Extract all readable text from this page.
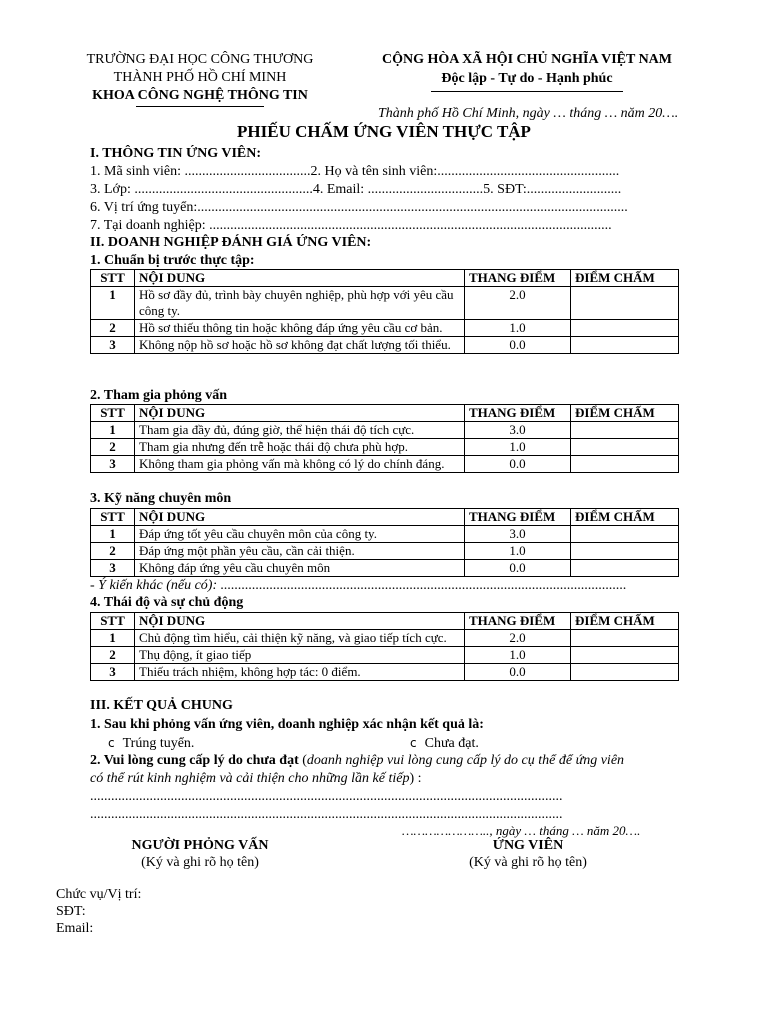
TRƯỜNG ĐẠI HỌC CÔNG THƯƠNG
THÀNH PHỐ HỒ CHÍ MINH
KHOA CÔNG NGHỆ THÔNG TIN
CỘNG HÒA XÃ HỘI CHỦ NGHĨA VIỆT NAM
Độc lập - Tự do - Hạnh phúc
Thành phố Hồ Chí Minh, ngày … tháng … năm 20….
PHIẾU CHẤM ỨNG VIÊN THỰC TẬP
I. THÔNG TIN ỨNG VIÊN:
1. Mã sinh viên: ....................................2. Họ và tên sinh viên:....................................................
3. Lớp: ...................................................4. Email: .................................5. SĐT:...........................
6. Vị trí ứng tuyển:...........................................................................................................................
7. Tại doanh nghiệp: ...................................................................................................................
II. DOANH NGHIỆP ĐÁNH GIÁ ỨNG VIÊN:
1. Chuẩn bị trước thực tập:
STT	NỘI DUNG	THANG ĐIỂM	ĐIỂM CHẤM
1	Hồ sơ đầy đủ, trình bày chuyên nghiệp, phù hợp với yêu cầu công ty.	2.0	
2	Hồ sơ thiếu thông tin hoặc không đáp ứng yêu cầu cơ bản.	1.0	
3	Không nộp hồ sơ hoặc hồ sơ không đạt chất lượng tối thiểu.	0.0	
2. Tham gia phỏng vấn
STT	NỘI DUNG	THANG ĐIỂM	ĐIỂM CHẤM
1	Tham gia đầy đủ, đúng giờ, thể hiện thái độ tích cực.	3.0	
2	Tham gia nhưng đến trễ hoặc thái độ chưa phù hợp.	1.0	
3	Không tham gia phỏng vấn mà không có lý do chính đáng.	0.0	
3. Kỹ năng chuyên môn
STT	NỘI DUNG	THANG ĐIỂM	ĐIỂM CHẤM
1	Đáp ứng tốt yêu cầu chuyên môn của công ty.	3.0	
2	Đáp ứng một phần yêu cầu, cần cải thiện.	1.0	
3	Không đáp ứng yêu cầu chuyên môn	0.0	
- Ý kiến khác (nếu có): ....................................................................................................................
4. Thái độ và sự chủ động
STT	NỘI DUNG	THANG ĐIỂM	ĐIỂM CHẤM
1	Chủ động tìm hiểu, cải thiện kỹ năng, và giao tiếp tích cực.	2.0	
2	Thụ động, ít giao tiếp	1.0	
3	Thiếu trách nhiệm, không hợp tác: 0 điểm.	0.0	
III. KẾT QUẢ CHUNG
1. Sau khi phỏng vấn ứng viên, doanh nghiệp xác nhận kết quả là:
c Trúng tuyển.	c Chưa đạt.
2. Vui lòng cung cấp lý do chưa đạt (doanh nghiệp vui lòng cung cấp lý do cụ thể để ứng viên
có thể rút kinh nghiệm và cải thiện cho những lần kế tiếp) :
.......................................................................................................................................
.......................................................................................................................................
………………….., ngày … tháng … năm 20….
NGƯỜI PHỎNG VẤN
(Ký và ghi rõ họ tên)
ỨNG VIÊN
(Ký và ghi rõ họ tên)
Chức vụ/Vị trí:
SĐT:
Email:
